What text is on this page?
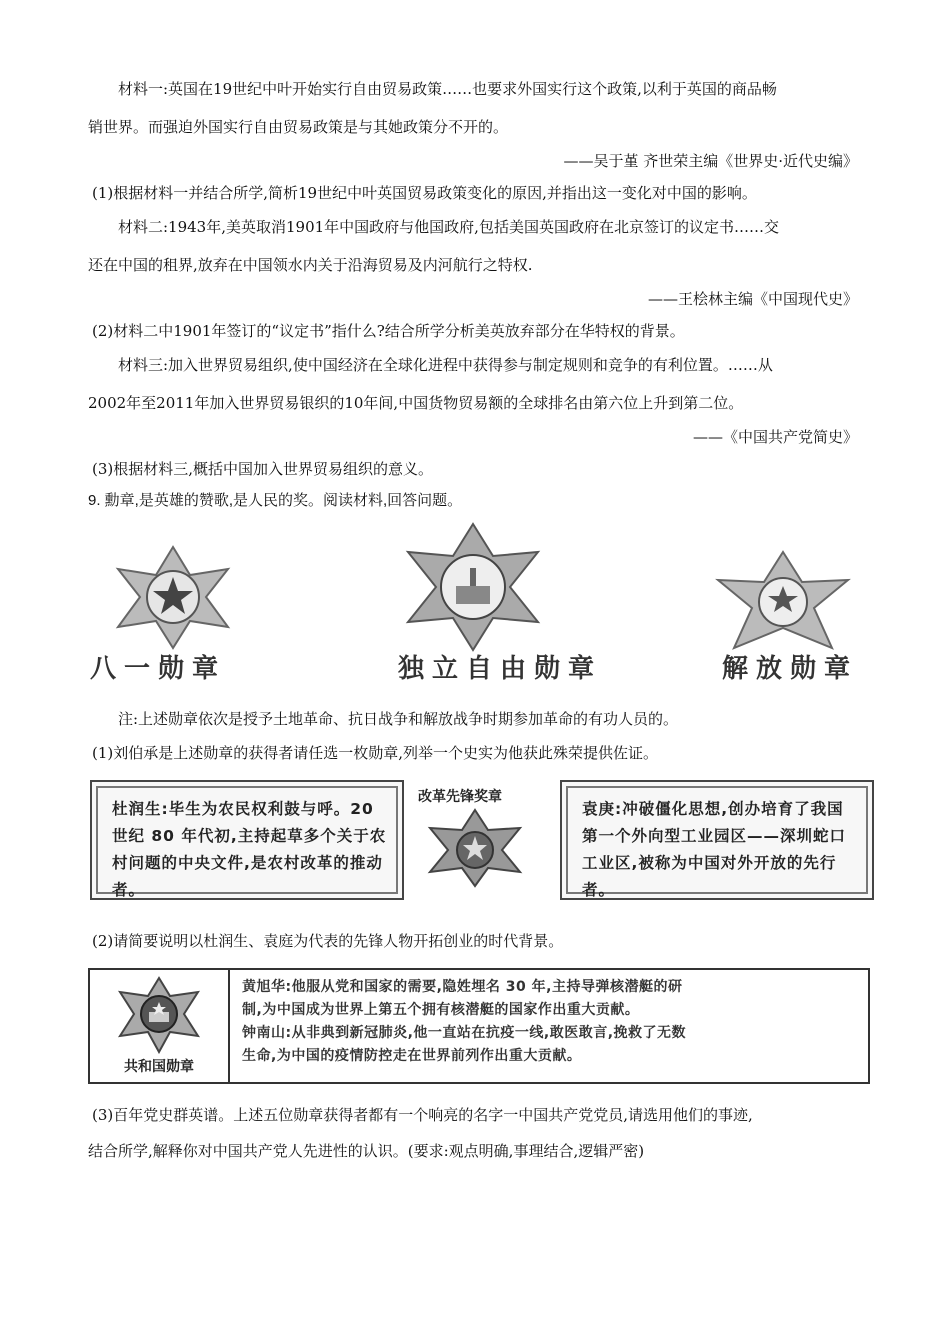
材料一:英国在19世纪中叶开始实行自由贸易政策……也要求外国实行这个政策,以利于英国的商品畅
销世界。而强迫外国实行自由贸易政策是与其她政策分不开的。
——吴于堇 齐世荣主编《世界史·近代史编》
(1)根据材料一并结合所学,简析19世纪中叶英国贸易政策变化的原因,并指出这一变化对中国的影响。
材料二:1943年,美英取消1901年中国政府与他国政府,包括美国英国政府在北京签订的议定书……交
还在中国的租界,放弃在中国领水内关于沿海贸易及内河航行之特权.
——王桧林主编《中国现代史》
(2)材料二中1901年签订的“议定书”指什么?结合所学分析美英放弃部分在华特权的背景。
材料三:加入世界贸易组织,使中国经济在全球化进程中获得参与制定规则和竞争的有利位置。……从
2002年至2011年加入世界贸易银织的10年间,中国货物贸易额的全球排名由第六位上升到第二位。
——《中国共产党简史》
(3)根据材料三,概括中国加入世界贸易组织的意义。
9. 勳章,是英雄的赞歌,是人民的奖。阅读材料,回答问题。
八一勋章	独立自由勋章	解放勋章
注:上述勋章依次是授予土地革命、抗日战争和解放战争时期参加革命的有功人员的。
(1)刘伯承是上述勋章的获得者请任选一枚勋章,列举一个史实为他获此殊荣提供佐证。
杜润生:毕生为农民权利鼓与呼。20 世纪 80 年代初,主持起草多个关于农村问题的中央文件,是农村改革的推动者。
改革先锋奖章
袁庚:冲破僵化思想,创办培育了我国第一个外向型工业园区——深圳蛇口工业区,被称为中国对外开放的先行者。
(2)请简要说明以杜润生、袁庭为代表的先锋人物开拓创业的时代背景。
共和国勋章
黄旭华:他服从党和国家的需要,隐姓埋名 30 年,主持导弹核潜艇的研
制,为中国成为世界上第五个拥有核潜艇的国家作出重大贡献。
钟南山:从非典到新冠肺炎,他一直站在抗疫一线,敢医敢言,挽救了无数
生命,为中国的疫情防控走在世界前列作出重大贡献。
(3)百年党史群英谱。上述五位勋章获得者都有一个响亮的名字一中国共产党党员,请选用他们的事迹,
结合所学,解释你对中国共产党人先进性的认识。(要求:观点明确,事理结合,逻辑严密)
